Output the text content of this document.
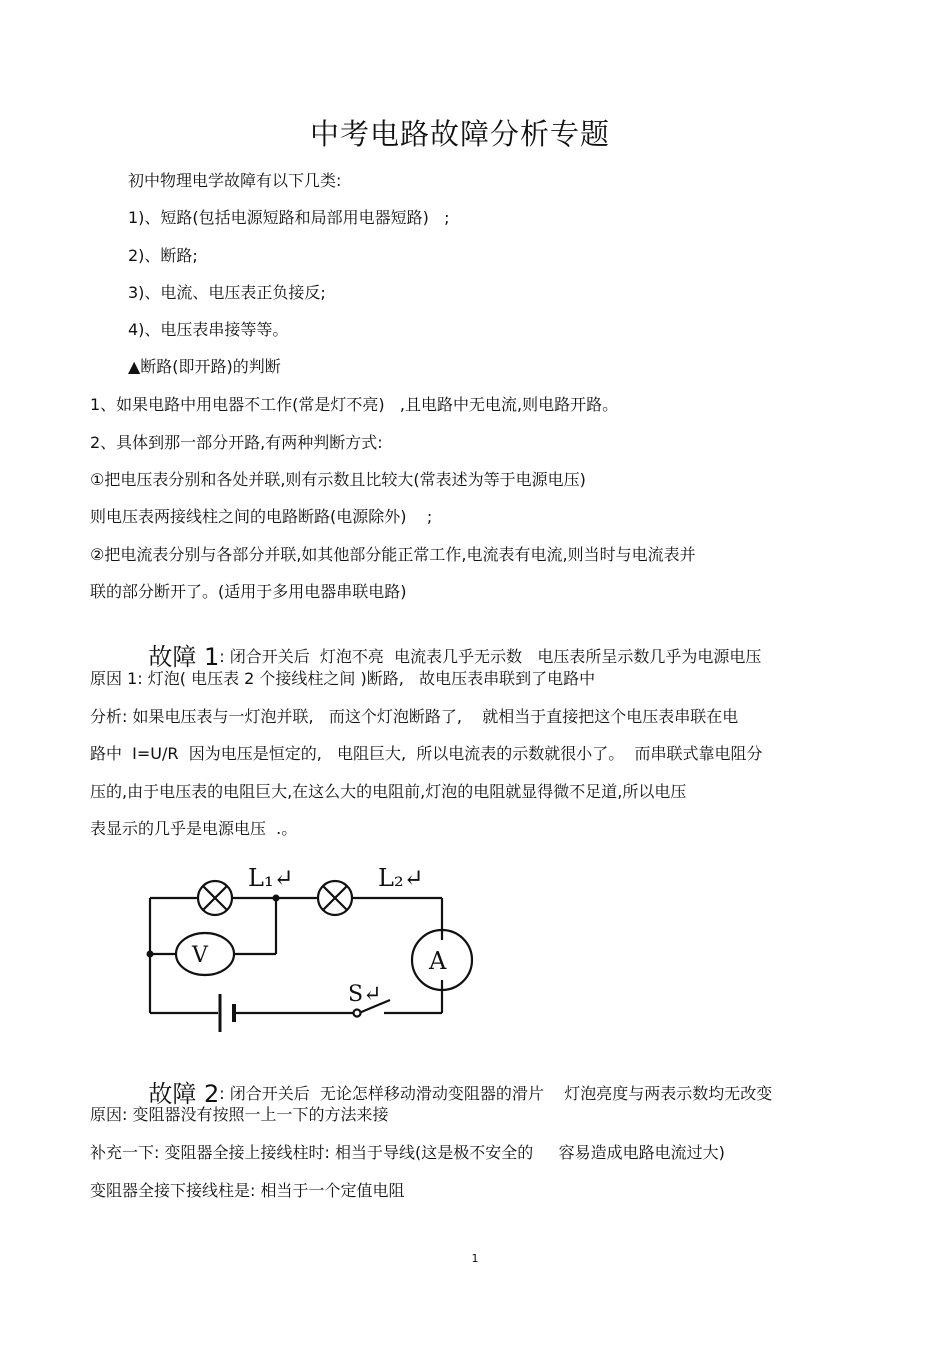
中考电路故障分析专题
初中物理电学故障有以下几类:
1)、短路(包括电源短路和局部用电器短路)   ;
2)、断路;
3)、电流、电压表正负接反;
4)、电压表串接等等。
▲断路(即开路)的判断
1、如果电路中用电器不工作(常是灯不亮)   ,且电路中无电流,则电路开路。
2、具体到那一部分开路,有两种判断方式:
①把电压表分别和各处并联,则有示数且比较大(常表述为等于电源电压)
则电压表两接线柱之间的电路断路(电源除外)    ;
②把电流表分别与各部分并联,如其他部分能正常工作,电流表有电流,则当时与电流表并
联的部分断开了。(适用于多用电器串联电路)

故障 1: 闭合开关后  灯泡不亮  电流表几乎无示数   电压表所呈示数几乎为电源电压

原因 1: 灯泡( 电压表 2 个接线柱之间 )断路,   故电压表串联到了电路中
分析: 如果电压表与一灯泡并联,   而这个灯泡断路了,    就相当于直接把这个电压表串联在电
路中  I=U/R  因为电压是恒定的,   电阻巨大,  所以电流表的示数就很小了。  而串联式靠电阻分
压的,由于电压表的电阻巨大,在这么大的电阻前,灯泡的电阻就显得微不足道,所以电压
表显示的几乎是电源电压  .。
L₁↵	L₂↵
V	A
S↵

故障 2: 闭合开关后  无论怎样移动滑动变阻器的滑片    灯泡亮度与两表示数均无改变

原因: 变阻器没有按照一上一下的方法来接
补充一下: 变阻器全接上接线柱时: 相当于导线(这是极不安全的     容易造成电路电流过大)
变阻器全接下接线柱是: 相当于一个定值电阻
1
